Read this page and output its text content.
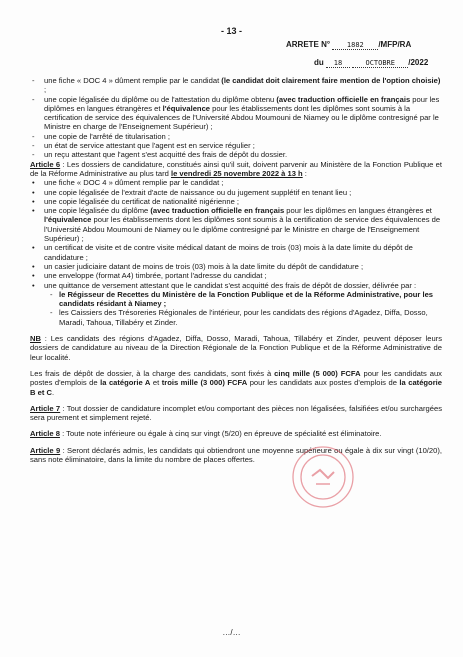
- 13 -
ARRETE N° 1882 /MFP/RA
du 18	OCTOBRE /2022
- une fiche « DOC 4 » dûment remplie par le candidat (le candidat doit clairement faire mention de l'option choisie) ;
- une copie légalisée du diplôme ou de l'attestation du diplôme obtenu (avec traduction officielle en français pour les diplômes en langues étrangères et l'équivalence pour les établissements dont les diplômes sont soumis à la certification de service des équivalences de l'Université Abdou Moumouni de Niamey ou le diplôme contresigné par le Ministre en charge de l'Enseignement Supérieur) ;
- une copie de l'arrêté de titularisation ;
- un état de service attestant que l'agent est en service régulier ;
- un reçu attestant que l'agent s'est acquitté des frais de dépôt du dossier.

Article 6 : Les dossiers de candidature, constitués ainsi qu'il suit, doivent parvenir au Ministère de la Fonction Publique et de la Réforme Administrative au plus tard le vendredi 25 novembre 2022 à 13 h :

• une fiche « DOC 4 » dûment remplie par le candidat ;
• une copie légalisée de l'extrait d'acte de naissance ou du jugement supplétif en tenant lieu ;
• une copie légalisée du certificat de nationalité nigérienne ;
• une copie légalisée du diplôme (avec traduction officielle en français pour les diplômes en langues étrangères et l'équivalence pour les établissements dont les diplômes sont soumis à la certification de service des équivalences de l'Université Abdou Moumouni de Niamey ou le diplôme contresigné par le Ministre en charge de l'Enseignement Supérieur) ;
• un certificat de visite et de contre visite médical datant de moins de trois (03) mois à la date limite du dépôt de candidature ;
• un casier judiciaire datant de moins de trois (03) mois à la date limite du dépôt de candidature ;
• une enveloppe (format A4) timbrée, portant l'adresse du candidat ;
• une quittance de versement attestant que le candidat s'est acquitté des frais de dépôt de dossier, délivrée par :
- le Régisseur de Recettes du Ministère de la Fonction Publique et de la Réforme Administrative, pour les candidats résidant à Niamey ;
- les Caissiers des Trésoreries Régionales de l'intérieur, pour les candidats des régions d'Agadez, Diffa, Dosso, Maradi, Tahoua, Tillabéry et Zinder.

NB : Les candidats des régions d'Agadez, Diffa, Dosso, Maradi, Tahoua, Tillabéry et Zinder, peuvent déposer leurs dossiers de candidature au niveau de la Direction Régionale de la Fonction Publique et de la Réforme Administrative de leur localité.

Les frais de dépôt de dossier, à la charge des candidats, sont fixés à cinq mille (5 000) FCFA pour les candidats aux postes d'emplois de la catégorie A et trois mille (3 000) FCFA pour les candidats aux postes d'emplois de la catégorie B et C.

Article 7 : Tout dossier de candidature incomplet et/ou comportant des pièces non légalisées, falsifiées et/ou surchargées sera purement et simplement rejeté.

Article 8 : Toute note inférieure ou égale à cinq sur vingt (5/20) en épreuve de spécialité est éliminatoire.

Article 9 : Seront déclarés admis, les candidats qui obtiendront une moyenne supérieure ou égale à dix sur vingt (10/20), sans note éliminatoire, dans la limite du nombre de places offertes.

…/…
